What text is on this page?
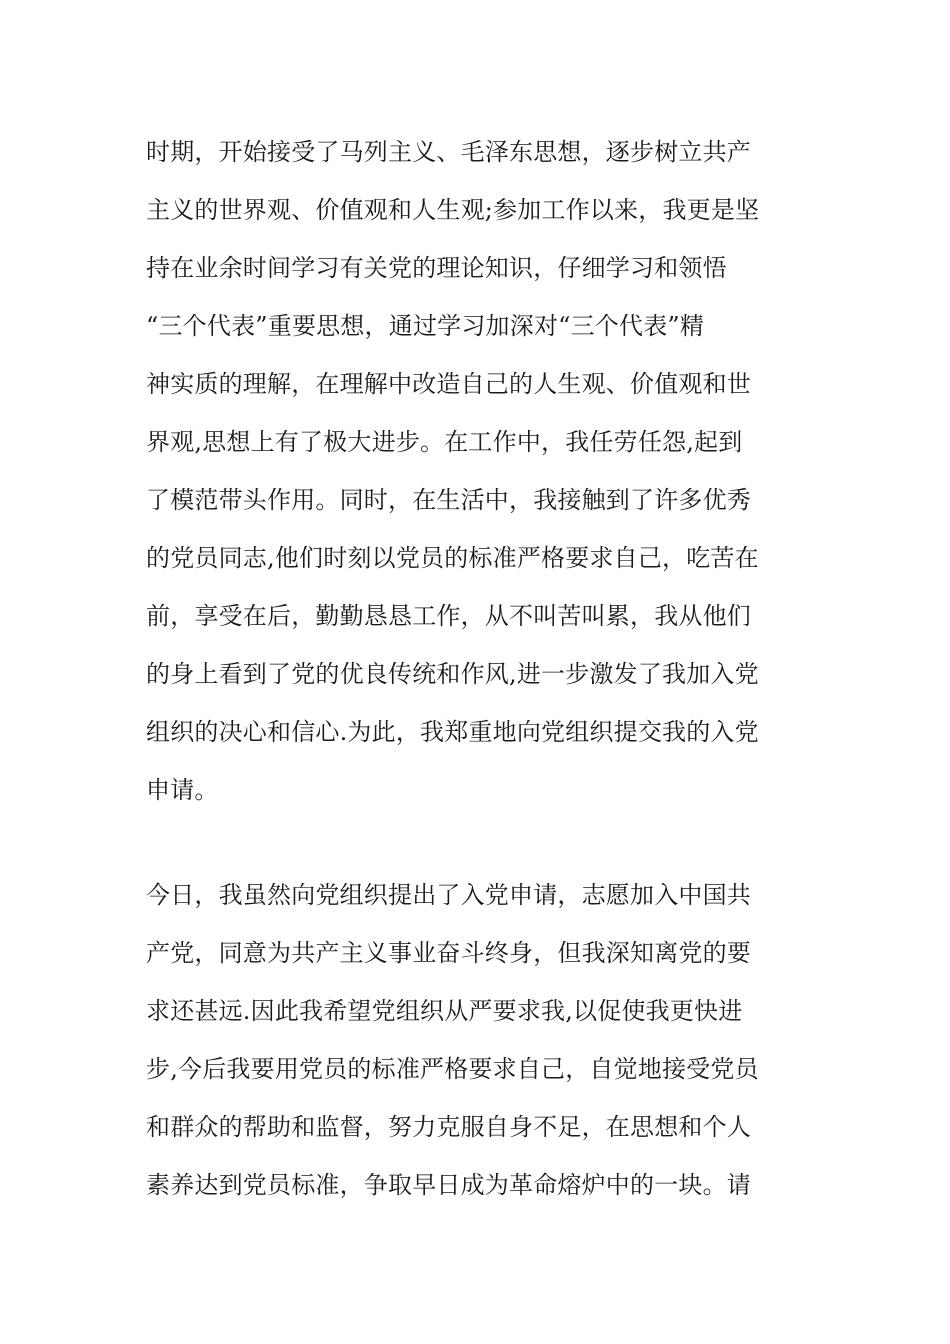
时期，开始接受了马列主义、毛泽东思想，逐步树立共产
主义的世界观、价值观和人生观;参加工作以来，我更是坚
持在业余时间学习有关党的理论知识，仔细学习和领悟
“三个代表”重要思想，通过学习加深对“三个代表”精
神实质的理解，在理解中改造自己的人生观、价值观和世
界观,思想上有了极大进步。在工作中，我任劳任怨,起到
了模范带头作用。同时，在生活中，我接触到了许多优秀
的党员同志,他们时刻以党员的标准严格要求自己，吃苦在
前，享受在后，勤勤恳恳工作，从不叫苦叫累，我从他们
的身上看到了党的优良传统和作风,进一步激发了我加入党
组织的决心和信心.为此，我郑重地向党组织提交我的入党
申请。
今日，我虽然向党组织提出了入党申请，志愿加入中国共
产党，同意为共产主义事业奋斗终身，但我深知离党的要
求还甚远.因此我希望党组织从严要求我,以促使我更快进
步,今后我要用党员的标准严格要求自己，自觉地接受党员
和群众的帮助和监督，努力克服自身不足，在思想和个人
素养达到党员标准，争取早日成为革命熔炉中的一块。请
